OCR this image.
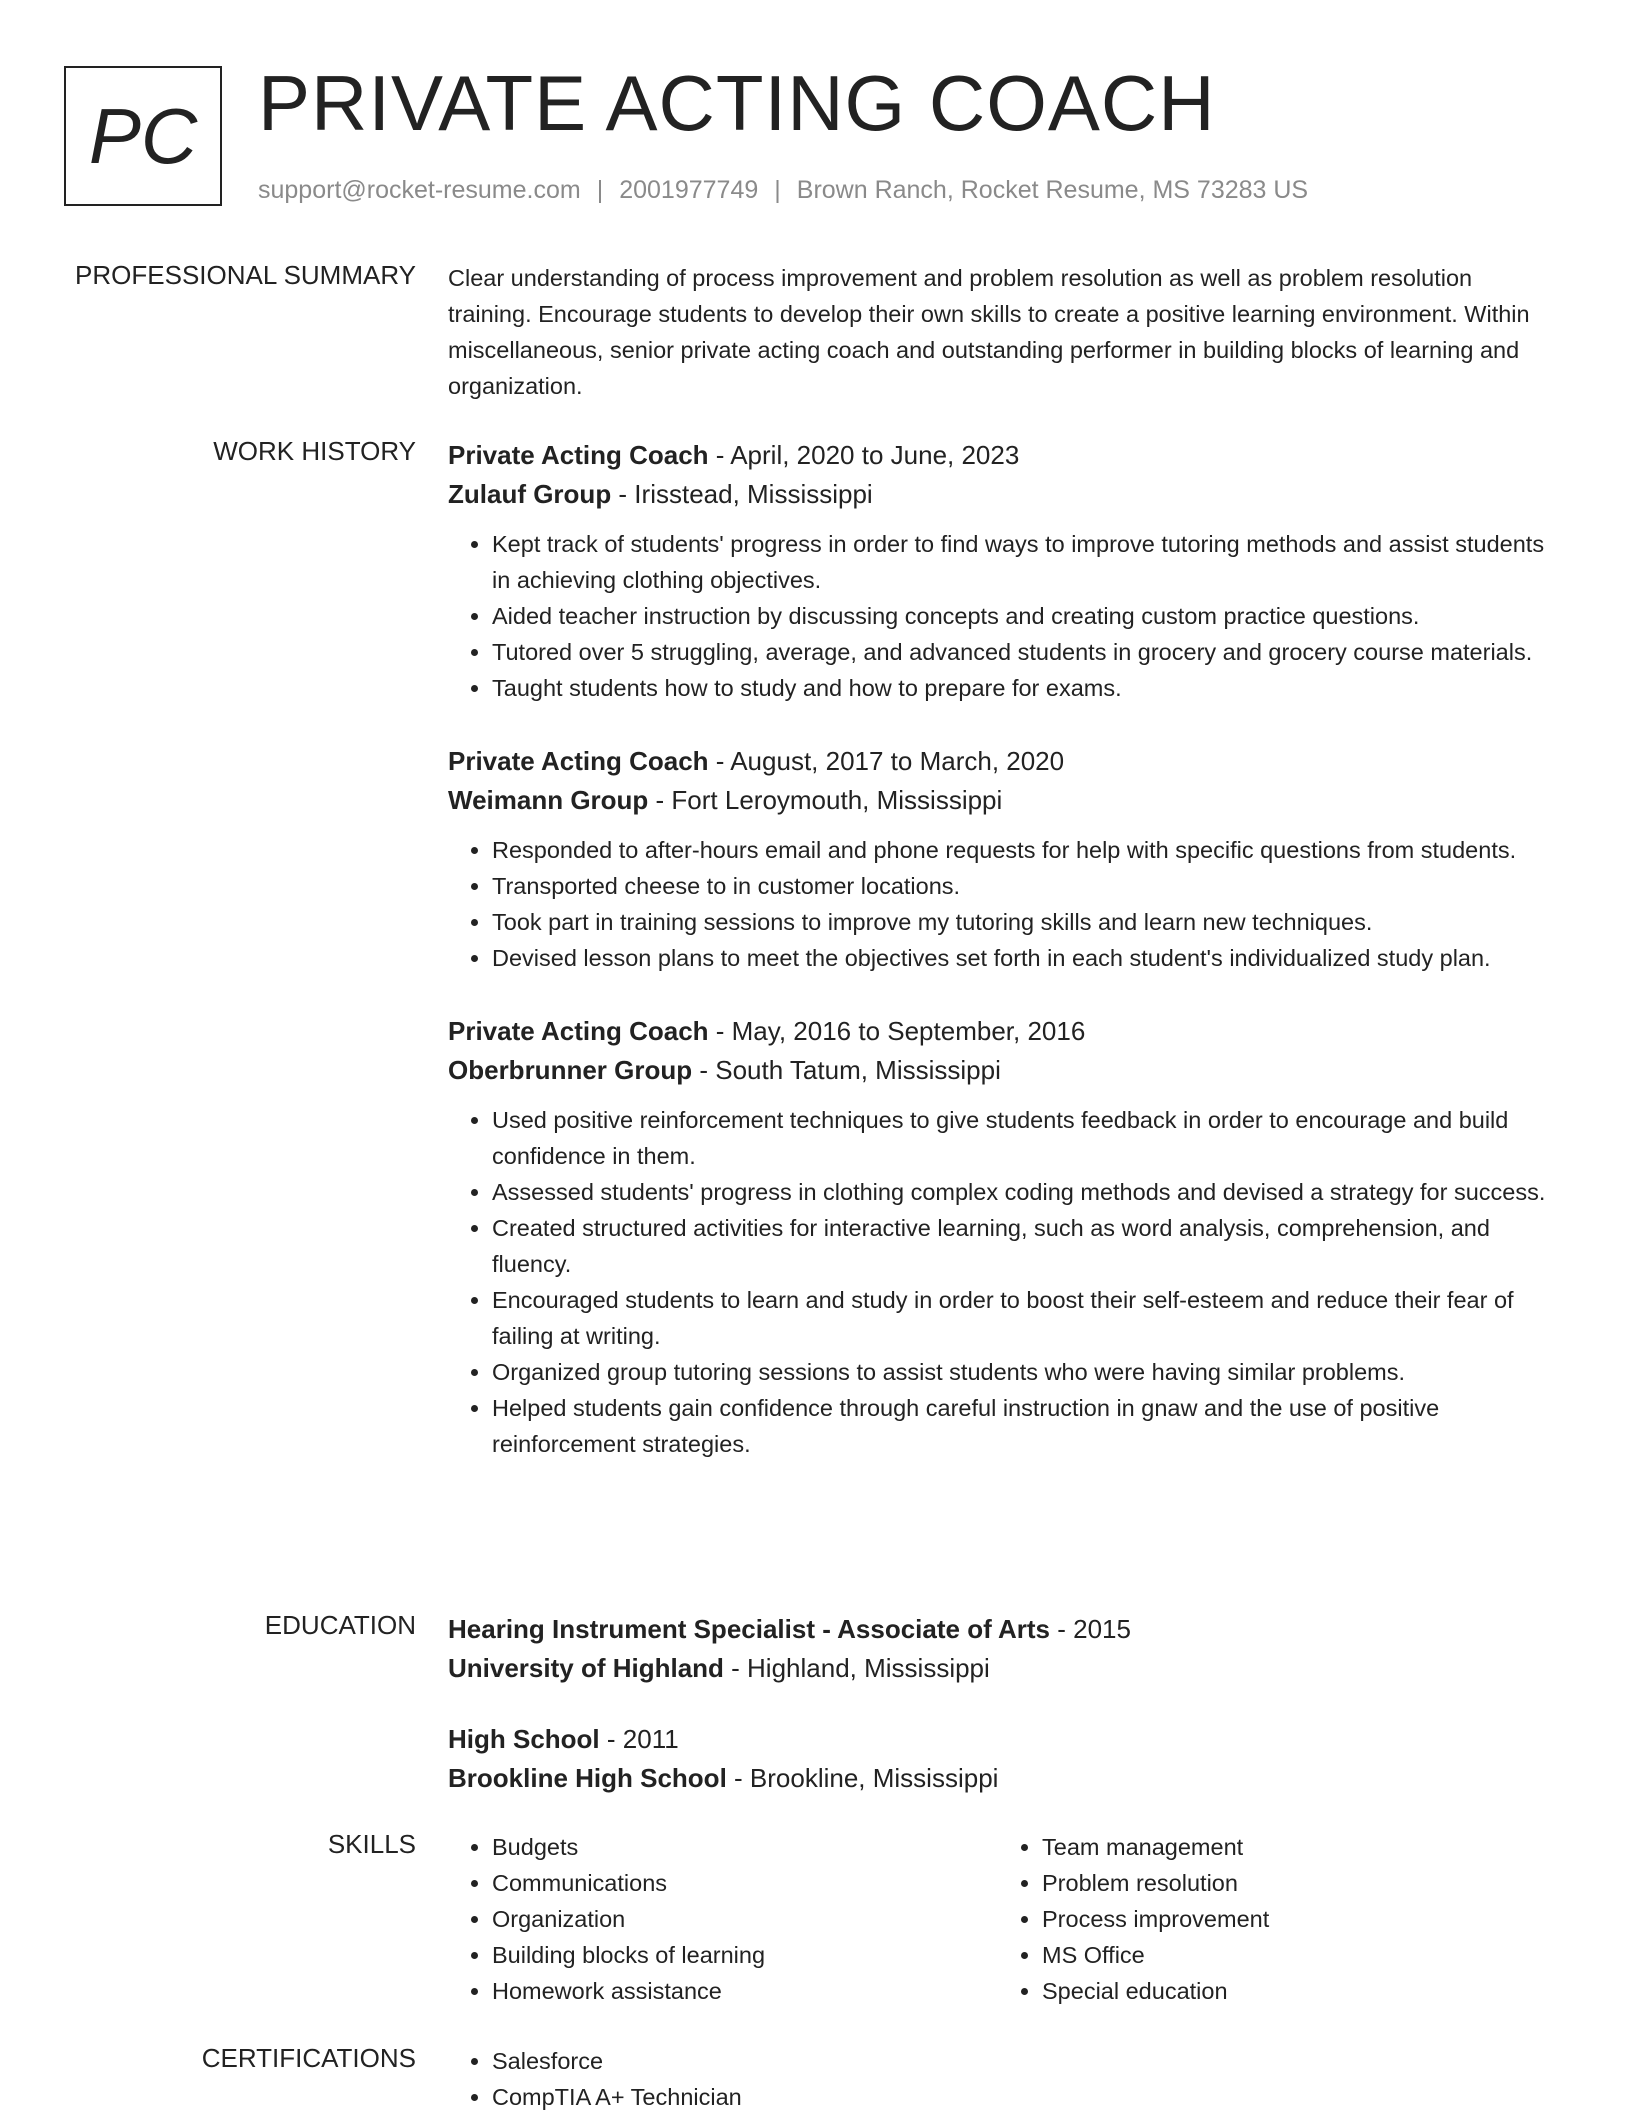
PC PRIVATE ACTING COACH
support@rocket-resume.com | 2001977749 | Brown Ranch, Rocket Resume, MS 73283 US
PROFESSIONAL SUMMARY Clear understanding of process improvement and problem resolution as well as problem resolution training. Encourage students to develop their own skills to create a positive learning environment. Within miscellaneous, senior private acting coach and outstanding performer in building blocks of learning and organization.

WORK HISTORY Private Acting Coach - April, 2020 to June, 2023

Zulauf Group - Irisstead, Mississippi

• Kept track of students' progress in order to find ways to improve tutoring methods and assist students in achieving clothing objectives.
• Aided teacher instruction by discussing concepts and creating custom practice questions.
• Tutored over 5 struggling, average, and advanced students in grocery and grocery course materials.
• Taught students how to study and how to prepare for exams.

Private Acting Coach - August, 2017 to March, 2020

Weimann Group - Fort Leroymouth, Mississippi

• Responded to after-hours email and phone requests for help with specific questions from students.
• Transported cheese to in customer locations.
• Took part in training sessions to improve my tutoring skills and learn new techniques.
• Devised lesson plans to meet the objectives set forth in each student's individualized study plan.

Private Acting Coach - May, 2016 to September, 2016

Oberbrunner Group - South Tatum, Mississippi

• Used positive reinforcement techniques to give students feedback in order to encourage and build confidence in them.
• Assessed students' progress in clothing complex coding methods and devised a strategy for success.
• Created structured activities for interactive learning, such as word analysis, comprehension, and fluency.
• Encouraged students to learn and study in order to boost their self-esteem and reduce their fear of failing at writing.
• Organized group tutoring sessions to assist students who were having similar problems.
• Helped students gain confidence through careful instruction in gnaw and the use of positive reinforcement strategies.
EDUCATION Hearing Instrument Specialist - Associate of Arts - 2015

University of Highland - Highland, Mississippi

High School - 2011

Brookline High School - Brookline, Mississippi

SKILLS	• Budgets
• Communications
• Organization
• Building blocks of learning
• Homework assistance
• Team management
• Problem resolution
• Process improvement
• MS Office
• Special education
CERTIFICATIONS	• Salesforce
• CompTIA A+ Technician
